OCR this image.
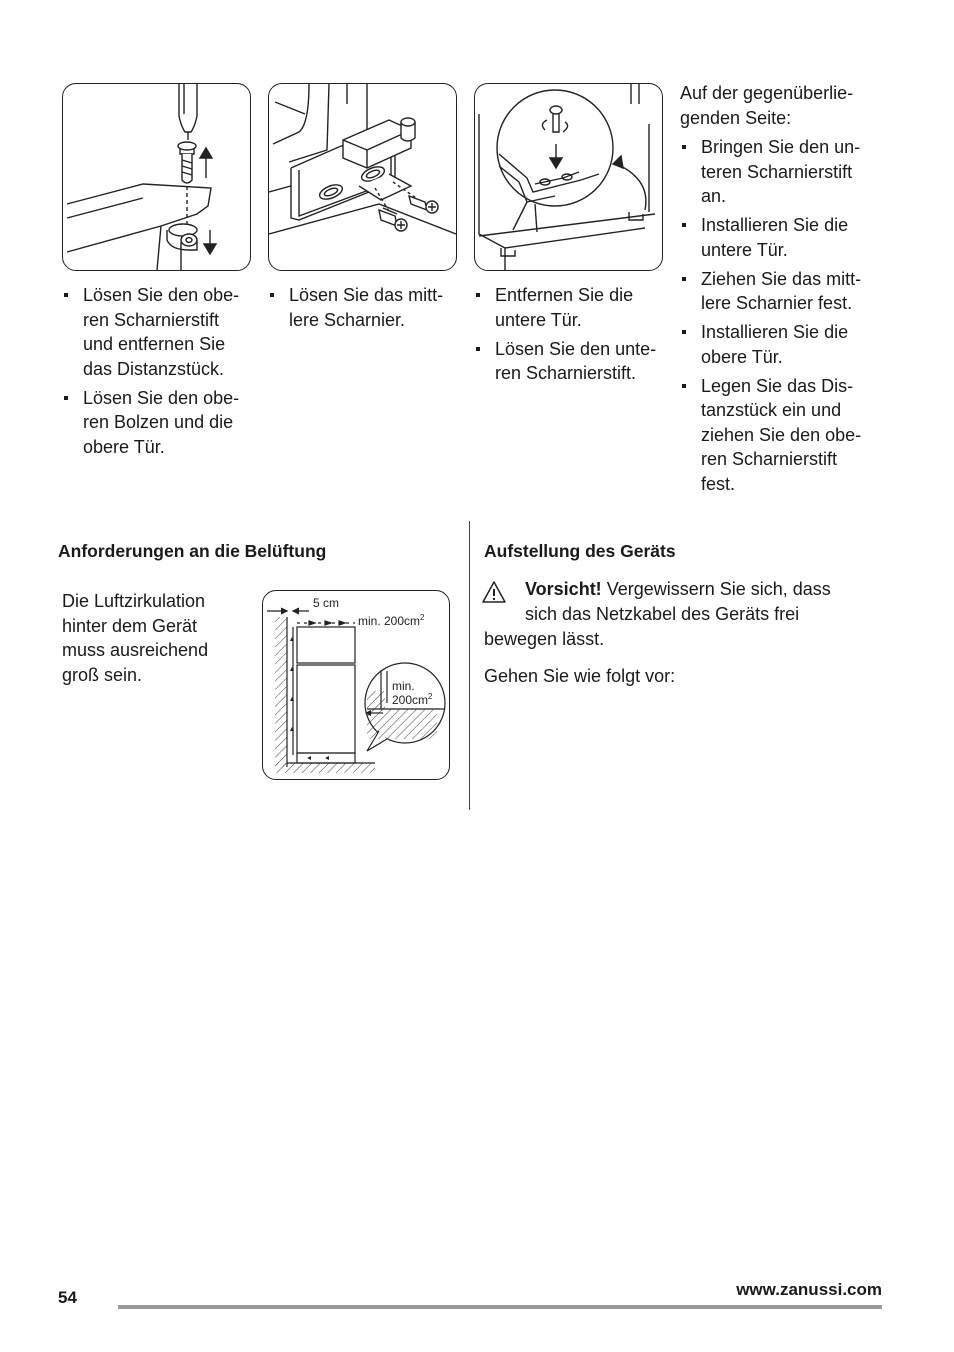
Lösen Sie den obe- ren Scharnierstift und entfernen Sie das Distanzstück.
Lösen Sie den obe- ren Bolzen und die obere Tür.
Lösen Sie das mitt- lere Scharnier.
Entfernen Sie die untere Tür.
Lösen Sie den unte- ren Scharnierstift.

Auf der gegenüberlie- genden Seite:

Bringen Sie den un- teren Scharnierstift an.
Installieren Sie die untere Tür.
Ziehen Sie das mitt- lere Scharnier fest.
Installieren Sie die obere Tür.
Legen Sie das Dis- tanzstück ein und ziehen Sie den obe- ren Scharnierstift fest.
Anforderungen an die Belüftung

Die Luftzirkulation hinter dem Gerät muss ausreichend groß sein.

5 cm
min. $200cm^2$
min.
$200cm^2$
Aufstellung des Geräts

Vorsicht! Vergewissern Sie sich, dass

sich das Netzkabel des Geräts frei

bewegen lässt.

Gehen Sie wie folgt vor:

www.zanussi.com
54
